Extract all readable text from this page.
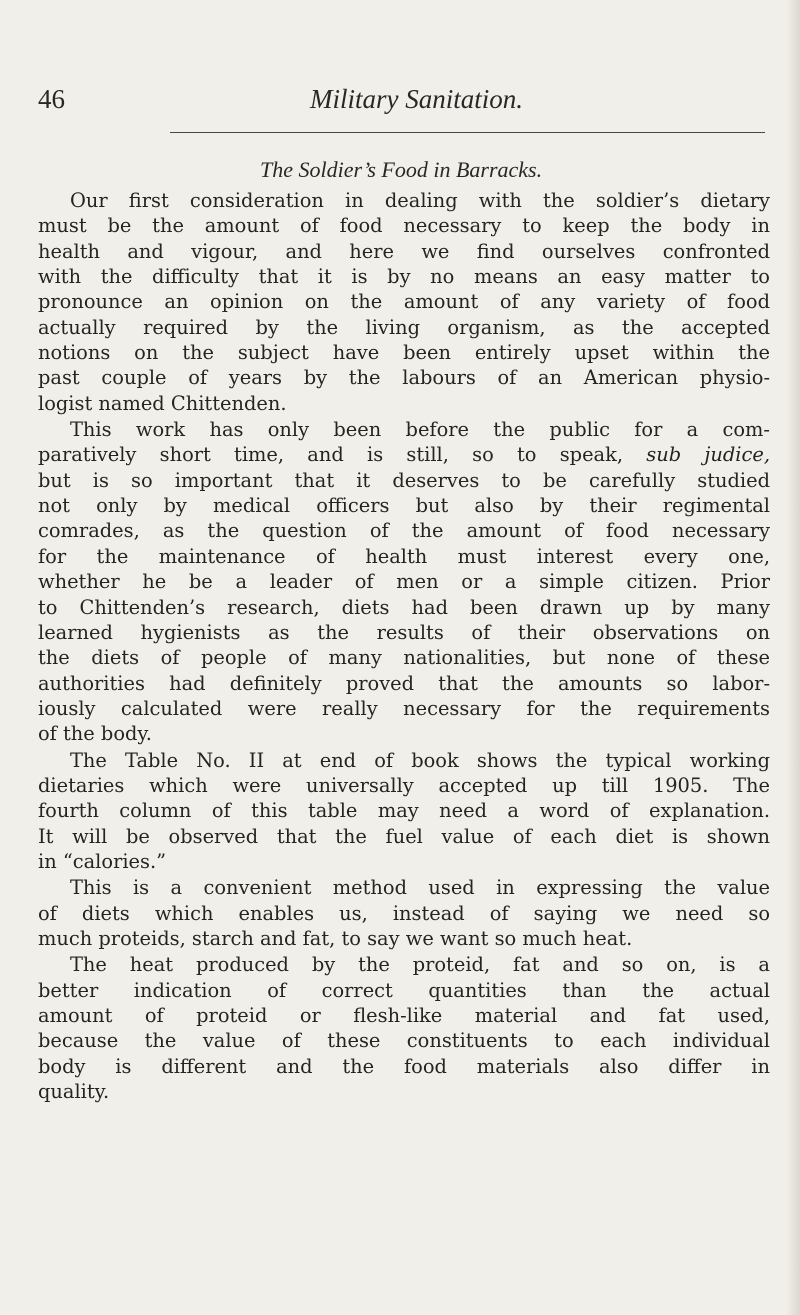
46	Military Sanitation.
The Soldier’s Food in Barracks.
Our first consideration in dealing with the soldier’s dietary
must be the amount of food necessary to keep the body in
health and vigour, and here we find ourselves confronted
with the difficulty that it is by no means an easy matter to
pronounce an opinion on the amount of any variety of food
actually required by the living organism, as the accepted
notions on the subject have been entirely upset within the
past couple of years by the labours of an American physio-
logist named Chittenden.
This work has only been before the public for a com-
paratively short time, and is still, so to speak, sub judice,
but is so important that it deserves to be carefully studied
not only by medical officers but also by their regimental
comrades, as the question of the amount of food necessary
for the maintenance of health must interest every one,
whether he be a leader of men or a simple citizen. Prior
to Chittenden’s research, diets had been drawn up by many
learned hygienists as the results of their observations on
the diets of people of many nationalities, but none of these
authorities had definitely proved that the amounts so labor-
iously calculated were really necessary for the requirements
of the body.
The Table No. II at end of book shows the typical working
dietaries which were universally accepted up till 1905. The
fourth column of this table may need a word of explanation.
It will be observed that the fuel value of each diet is shown
in “calories.”
This is a convenient method used in expressing the value
of diets which enables us, instead of saying we need so
much proteids, starch and fat, to say we want so much heat.
The heat produced by the proteid, fat and so on, is a
better indication of correct quantities than the actual
amount of proteid or flesh-like material and fat used,
because the value of these constituents to each individual
body is different and the food materials also differ in
quality.
